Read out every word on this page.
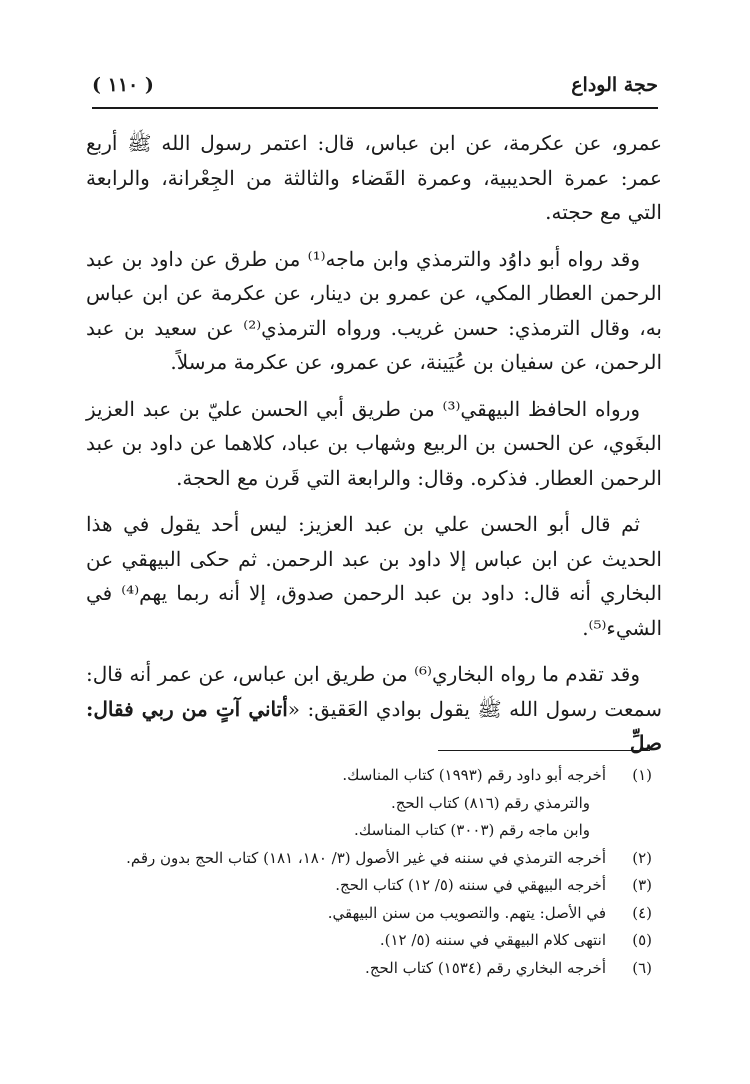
حجة الوداع
( ١١٠ )

عمرو، عن عكرمة، عن ابن عباس، قال: اعتمر رسول الله ﷺ أربع عمر: عمرة الحديبية، وعمرة القَضاء والثالثة من الجِعْرانة، والرابعة التي مع حجته.

وقد رواه أبو داوُد والترمذي وابن ماجه⁽¹⁾ من طرق عن داود بن عبد الرحمن العطار المكي، عن عمرو بن دينار، عن عكرمة عن ابن عباس به، وقال الترمذي: حسن غريب. ورواه الترمذي⁽²⁾ عن سعيد بن عبد الرحمن، عن سفيان بن عُيَينة، عن عمرو، عن عكرمة مرسلاً.

ورواه الحافظ البيهقي⁽³⁾ من طريق أبي الحسن عليّ بن عبد العزيز البغَوي، عن الحسن بن الربيع وشهاب بن عباد، كلاهما عن داود بن عبد الرحمن العطار. فذكره. وقال: والرابعة التي قَرن مع الحجة.

ثم قال أبو الحسن علي بن عبد العزيز: ليس أحد يقول في هذا الحديث عن ابن عباس إلا داود بن عبد الرحمن. ثم حكى البيهقي عن البخاري أنه قال: داود بن عبد الرحمن صدوق، إلا أنه ربما يهم⁽⁴⁾ في الشيء⁽⁵⁾.

وقد تقدم ما رواه البخاري⁽⁶⁾ من طريق ابن عباس، عن عمر أنه قال: سمعت رسول الله ﷺ يقول بوادي العَقيق: «أتاني آتٍ من ربي فقال: صلِّ

(١)
أخرجه أبو داود رقم (١٩٩٣) كتاب المناسك.

والترمذي رقم (٨١٦) كتاب الحج.

وابن ماجه رقم (٣٠٠٣) كتاب المناسك.

(٢)
أخرجه الترمذي في سننه في غير الأصول (٣/ ١٨٠، ١٨١) كتاب الحج بدون رقم.

(٣)
أخرجه البيهقي في سننه (٥/ ١٢) كتاب الحج.

(٤)
في الأصل: يتهم. والتصويب من سنن البيهقي.

(٥)
انتهى كلام البيهقي في سننه (٥/ ١٢).

(٦)
أخرجه البخاري رقم (١٥٣٤) كتاب الحج.
